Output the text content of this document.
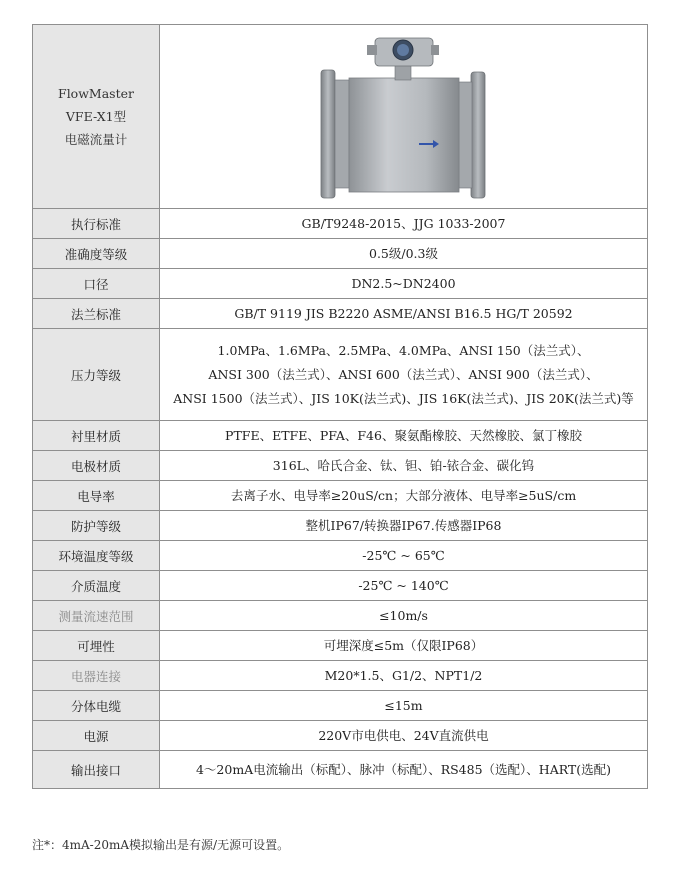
FlowMaster
VFE-X1型
电磁流量计

执行标准	GB/T9248-2015、JJG 1033-2007
准确度等级	0.5级/0.3级
口径	DN2.5~DN2400
法兰标准	GB/T 9119 JIS B2220 ASME/ANSI B16.5 HG/T 20592
压力等级	1.0MPa、1.6MPa、2.5MPa、4.0MPa、ANSI 150（法兰式）、
ANSI 300（法兰式）、ANSI 600（法兰式）、ANSI 900（法兰式）、
ANSI 1500（法兰式）、JIS 10K(法兰式)、JIS 16K(法兰式)、JIS 20K(法兰式)等

衬里材质	PTFE、ETFE、PFA、F46、聚氨酯橡胶、天然橡胶、氯丁橡胶
电极材质	316L、哈氏合金、钛、钽、铂-铱合金、碳化钨
电导率	去离子水、电导率≥20uS/cn；大部分液体、电导率≥5uS/cm
防护等级	整机IP67/转换器IP67.传感器IP68
环境温度等级	-25℃ ~ 65℃
介质温度	-25℃ ~ 140℃
测量流速范围	≤10m/s
可埋性	可埋深度≤5m（仅限IP68）
电器连接	M20*1.5、G1/2、NPT1/2
分体电缆	≤15m
电源	220V市电供电、24V直流供电
输出接口	4～20mA电流输出（标配）、脉冲（标配）、RS485（选配）、HART(选配)
注*：4mA-20mA模拟输出是有源/无源可设置。
